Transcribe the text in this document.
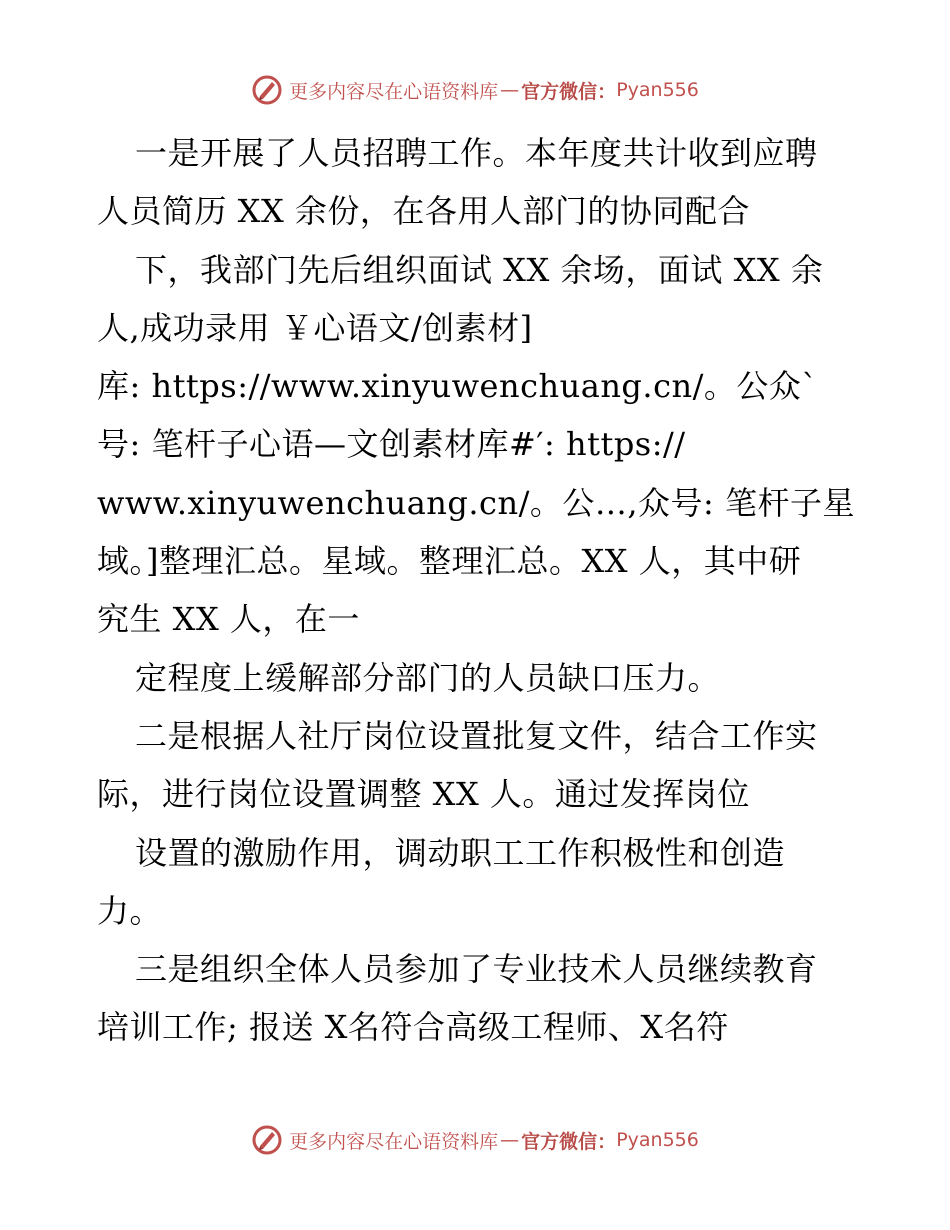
更多内容尽在心语资料库 — 官方微信： Pyan556
一是开展了人员招聘工作。本年度共计收到应聘
人员简历 XX 余份，在各用人部门的协同配合
下，我部门先后组织面试 XX 余场，面试 XX 余
人,成功录用 ￥心语文/创素材]
库: https://www.xinyuwenchuang.cn/。公众`
号: 笔杆子心语—文创素材库#′: https://
www.xinyuwenchuang.cn/。公…,众号: 笔杆子星
域。]整理汇总。星域。整理汇总。XX 人，其中研
究生 XX 人，在一
定程度上缓解部分部门的人员缺口压力。
二是根据人社厅岗位设置批复文件，结合工作实
际，进行岗位设置调整 XX 人。通过发挥岗位
设置的激励作用，调动职工工作积极性和创造
力。
三是组织全体人员参加了专业技术人员继续教育
培训工作; 报送 X名符合高级工程师、X名符
更多内容尽在心语资料库 — 官方微信： Pyan556
